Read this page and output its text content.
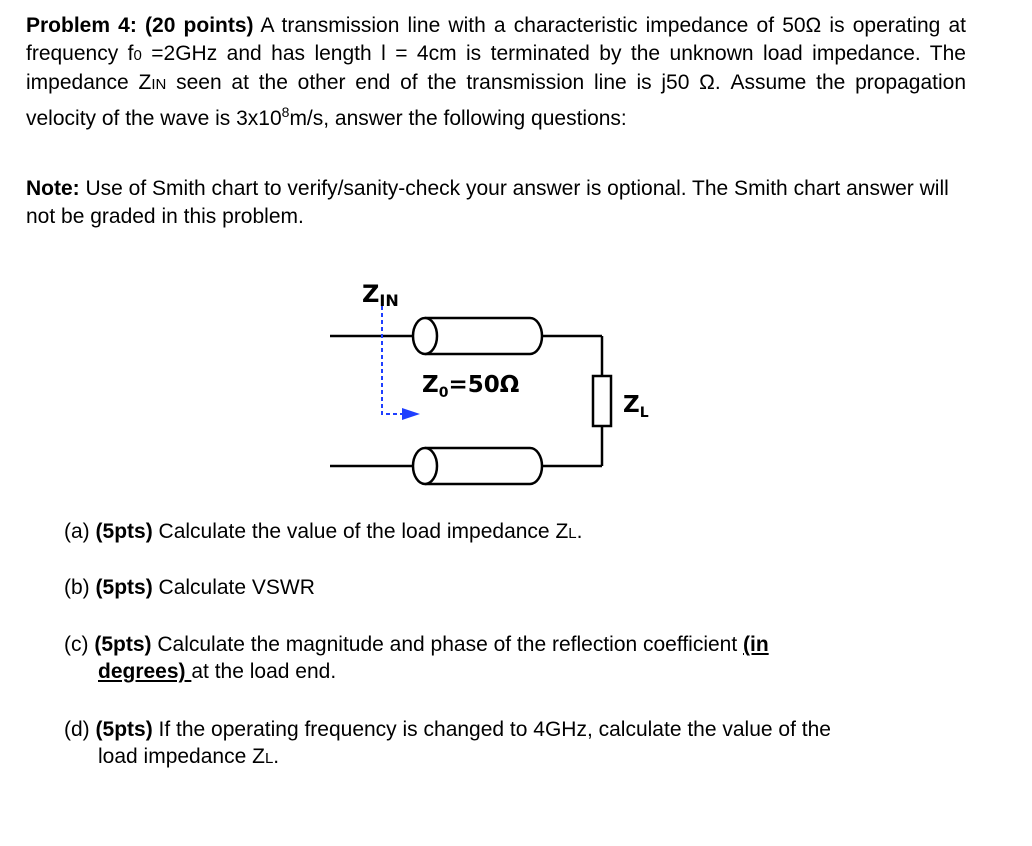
Problem 4: (20 points) A transmission line with a characteristic impedance of 50Ω is operating at frequency f0 =2GHz and has length l = 4cm is terminated by the unknown load impedance. The impedance ZIN seen at the other end of the transmission line is j50 Ω. Assume the propagation velocity of the wave is $3x10^8m/s$, answer the following questions:
Note: Use of Smith chart to verify/sanity-check your answer is optional. The Smith chart answer will not be graded in this problem.
ZIN
$Z_0=50\Omega$
$Z_L$
(a) (5pts) Calculate the value of the load impedance ZL.
(b) (5pts) Calculate VSWR
(c) (5pts) Calculate the magnitude and phase of the reflection coefficient (in
degrees) at the load end.
(d) (5pts) If the operating frequency is changed to 4GHz, calculate the value of the
load impedance ZL.
